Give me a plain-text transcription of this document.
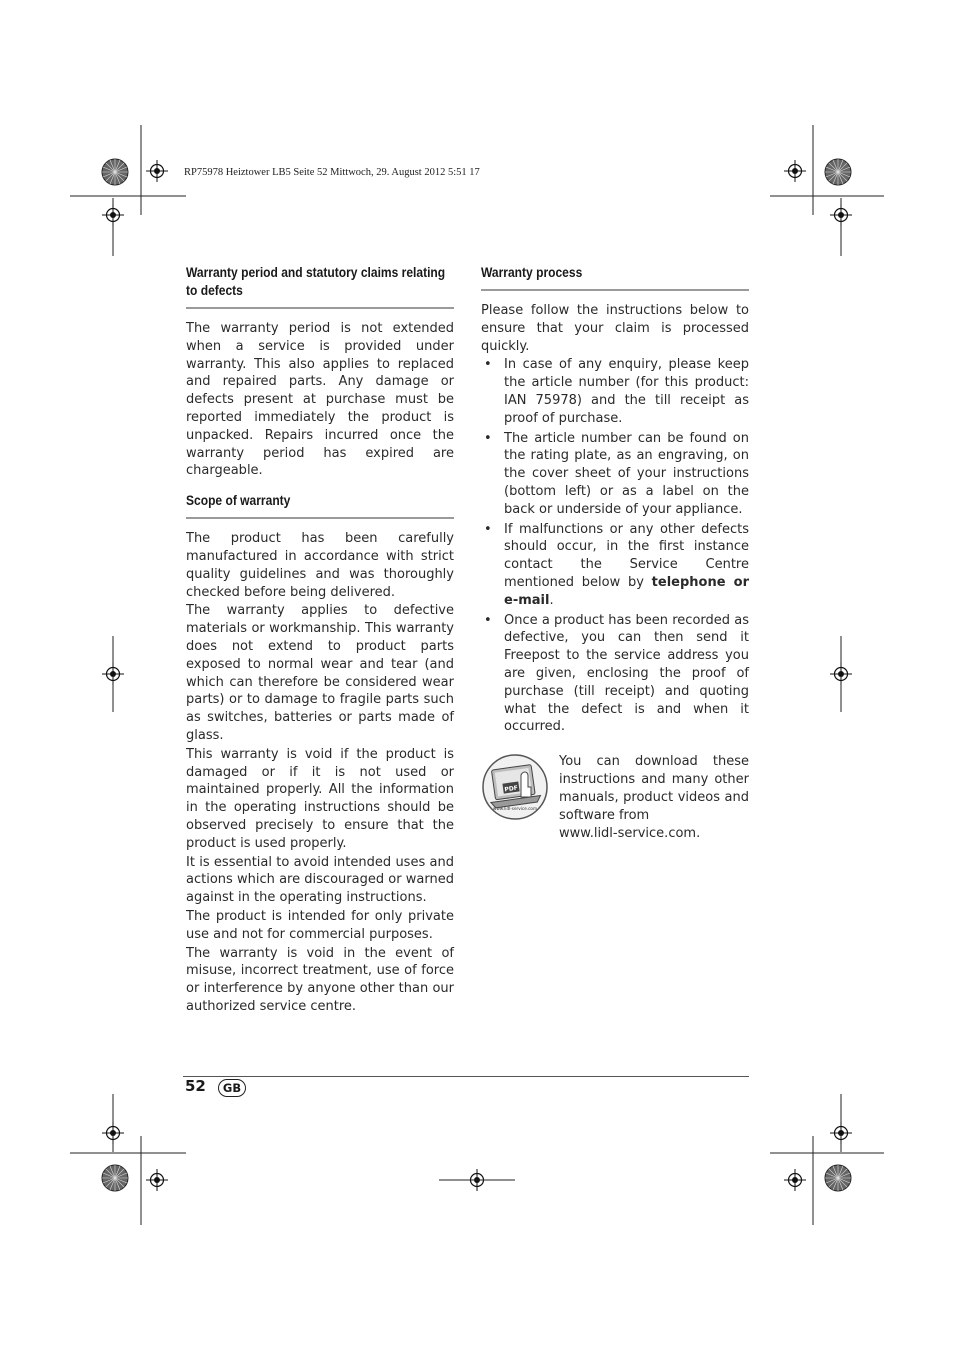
RP75978 Heiztower LB5 Seite 52 Mittwoch, 29. August 2012 5:51 17
Warranty period and statutory claims relating to defects

The warranty period is not extended when a service is provided under warranty. This also applies to replaced and repaired parts. Any damage or defects present at purchase must be reported immediately the product is unpacked. Repairs incurred once the warranty period has expired are chargeable.

Scope of warranty

The product has been carefully manufactured in accordance with strict quality guidelines and was thoroughly checked before being delivered.

The warranty applies to defective materials or workmanship. This warranty does not extend to product parts exposed to normal wear and tear (and which can therefore be considered wear parts) or to damage to fragile parts such as switches, batteries or parts made of glass.

This warranty is void if the product is damaged or if it is not used or maintained properly. All the information in the operating instructions should be observed precisely to ensure that the product is used properly.

It is essential to avoid intended uses and actions which are discouraged or warned against in the operating instructions.

The product is intended for only private use and not for commercial purposes.

The warranty is void in the event of misuse, incorrect treatment, use of force or interference by anyone other than our authorized service centre.

Warranty process

Please follow the instructions below to ensure that your claim is processed quickly.

• In case of any enquiry, please keep the article number (for this product: IAN 75978) and the till receipt as proof of purchase.
• The article number can be found on the rating plate, as an engraving, on the cover sheet of your instructions (bottom left) or as a label on the back or underside of your appliance.
• If malfunctions or any other defects should occur, in the first instance contact the Service Centre mentioned below by telephone or e-mail.
• Once a product has been recorded as defective, you can then send it Freepost to the service address you are given, enclosing the proof of purchase (till receipt) and quoting what the defect is and when it occurred.
PDF
www.lidl-service.com

You can download these instructions and many other manuals, product videos and software from

www.lidl-service.com.

52	GB
